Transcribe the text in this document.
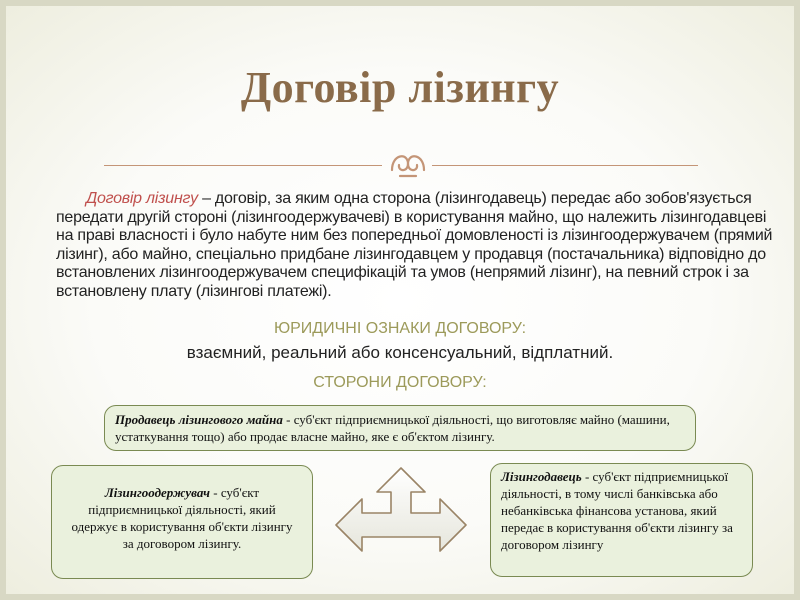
Договір лізингу
Договір лізингу – договір, за яким одна сторона (лізингодавець) передає або зобов'язується передати другій стороні (лізингоодержувачеві) в користування майно, що належить лізингодавцеві на праві власності і було набуте ним без попередньої домовленості із лізингоодержувачем (прямий лізинг), або майно, спеціально придбане лізингодавцем у продавця (постачальника) відповідно до встановлених лізингоодержувачем специфікацій та умов (непрямий лізинг), на певний строк і за встановлену плату (лізингові платежі).
ЮРИДИЧНІ ОЗНАКИ ДОГОВОРУ:
взаємний, реальний або консенсуальний, відплатний.
СТОРОНИ ДОГОВОРУ:
Продавець лізингового майна - суб'єкт підприємницької діяльності, що виготовляє майно (машини, устаткування тощо) або продає власне майно, яке є об'єктом лізингу.
Лізингоодержувач - суб'єкт підприємницької діяльності, який одержує в користування об'єкти лізингу за договором лізингу.
Лізингодавець - суб'єкт підприємницької діяльності, в тому числі банківська або небанківська фінансова установа, який передає в користування об'єкти лізингу за договором лізингу
